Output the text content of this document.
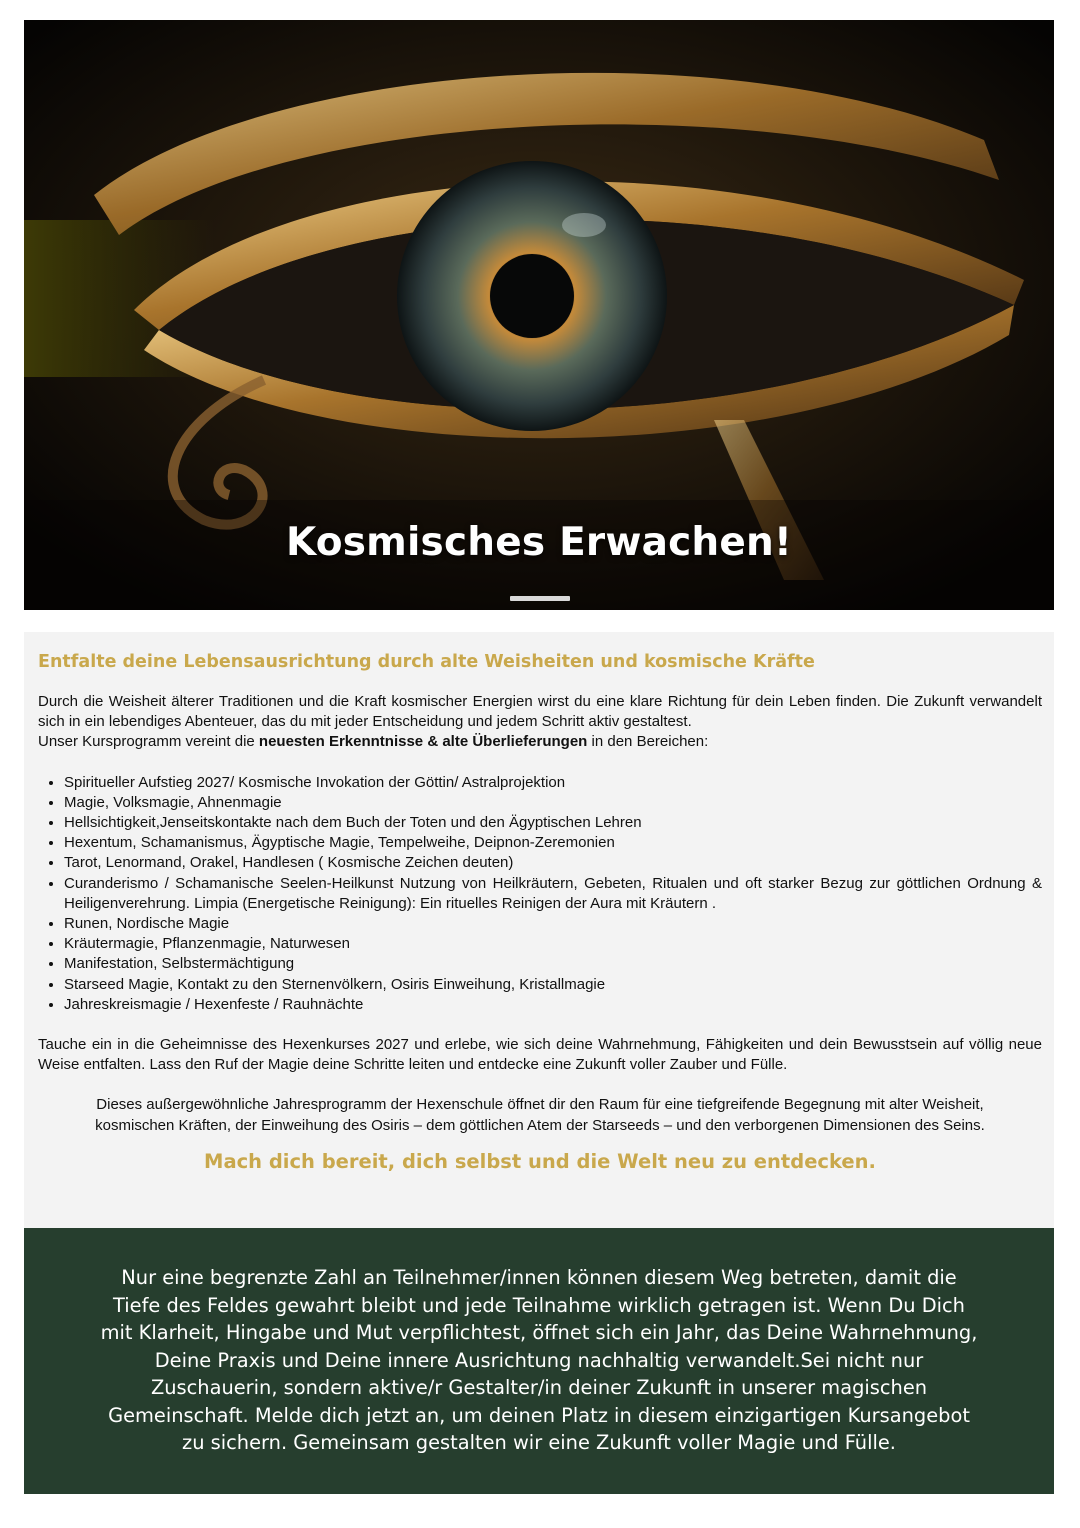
Kosmisches Erwachen!
Entfalte deine Lebensausrichtung durch alte Weisheiten und kosmische Kräfte

Durch die Weisheit älterer Traditionen und die Kraft kosmischer Energien wirst du eine klare Richtung für dein Leben finden. Die Zukunft verwandelt sich in ein lebendiges Abenteuer, das du mit jeder Entscheidung und jedem Schritt aktiv gestaltest.
Unser Kursprogramm vereint die neuesten Erkenntnisse & alte Überlieferungen in den Bereichen:

• Spiritueller Aufstieg 2027/ Kosmische Invokation der Göttin/ Astralprojektion
• Magie, Volksmagie, Ahnenmagie
• Hellsichtigkeit,Jenseitskontakte nach dem Buch der Toten und den Ägyptischen Lehren
• Hexentum, Schamanismus, Ägyptische Magie, Tempelweihe, Deipnon-Zeremonien
• Tarot, Lenormand, Orakel, Handlesen ( Kosmische Zeichen deuten)
• Curanderismo / Schamanische Seelen-Heilkunst Nutzung von Heilkräutern, Gebeten, Ritualen und oft starker Bezug zur göttlichen Ordnung & Heiligenverehrung. Limpia (Energetische Reinigung): Ein rituelles Reinigen der Aura mit Kräutern .
• Runen, Nordische Magie
• Kräutermagie, Pflanzenmagie, Naturwesen
• Manifestation, Selbstermächtigung
• Starseed Magie, Kontakt zu den Sternenvölkern, Osiris Einweihung, Kristallmagie
• Jahreskreismagie / Hexenfeste / Rauhnächte

Tauche ein in die Geheimnisse des Hexenkurses 2027 und erlebe, wie sich deine Wahrnehmung, Fähigkeiten und dein Bewusstsein auf völlig neue Weise entfalten. Lass den Ruf der Magie deine Schritte leiten und entdecke eine Zukunft voller Zauber und Fülle.

Dieses außergewöhnliche Jahresprogramm der Hexenschule öffnet dir den Raum für eine tiefgreifende Begegnung mit alter Weisheit, kosmischen Kräften, der Einweihung des Osiris – dem göttlichen Atem der Starseeds – und den verborgenen Dimensionen des Seins.

Mach dich bereit, dich selbst und die Welt neu zu entdecken.
Nur eine begrenzte Zahl an Teilnehmer/innen können diesem Weg betreten, damit die Tiefe des Feldes gewahrt bleibt und jede Teilnahme wirklich getragen ist. Wenn Du Dich mit Klarheit, Hingabe und Mut verpflichtest, öffnet sich ein Jahr, das Deine Wahrnehmung, Deine Praxis und Deine innere Ausrichtung nachhaltig verwandelt.Sei nicht nur Zuschauerin, sondern aktive/r Gestalter/in deiner Zukunft in unserer magischen Gemeinschaft. Melde dich jetzt an, um deinen Platz in diesem einzigartigen Kursangebot zu sichern. Gemeinsam gestalten wir eine Zukunft voller Magie und Fülle.
